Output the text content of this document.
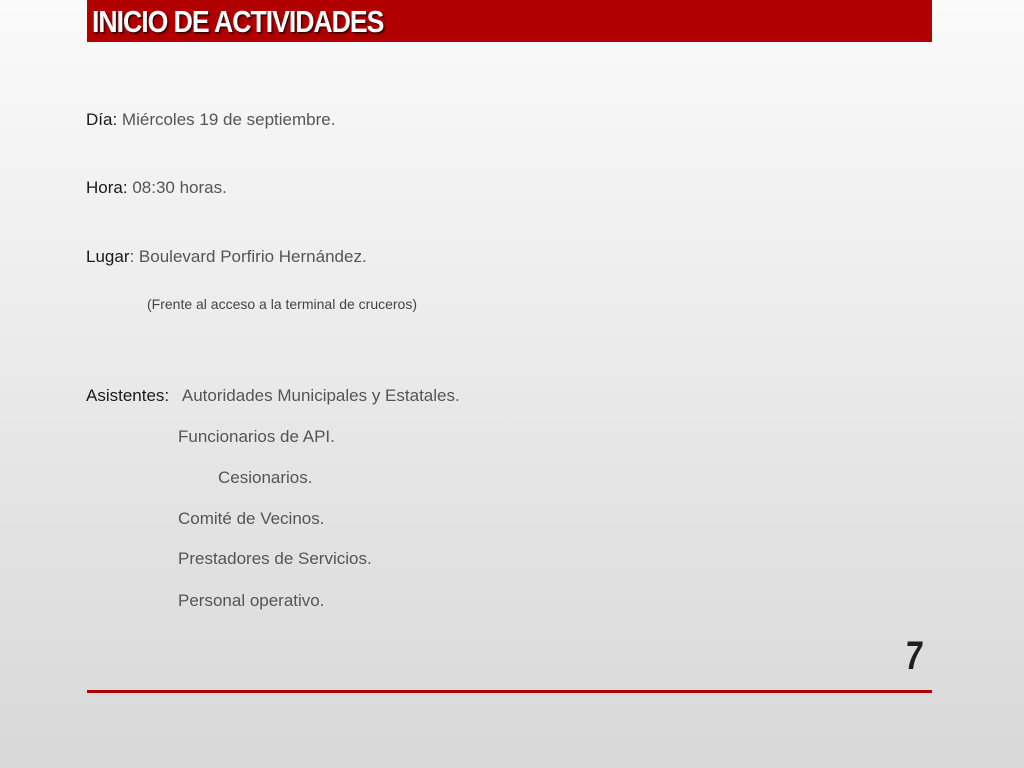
INICIO DE ACTIVIDADES
Día: Miércoles 19 de septiembre.
Hora: 08:30 horas.
Lugar: Boulevard Porfirio Hernández.
(Frente al acceso a la terminal de cruceros)
Asistentes: Autoridades Municipales y Estatales.
Funcionarios de API.
Cesionarios.
Comité de Vecinos.
Prestadores de Servicios.
Personal operativo.
7
